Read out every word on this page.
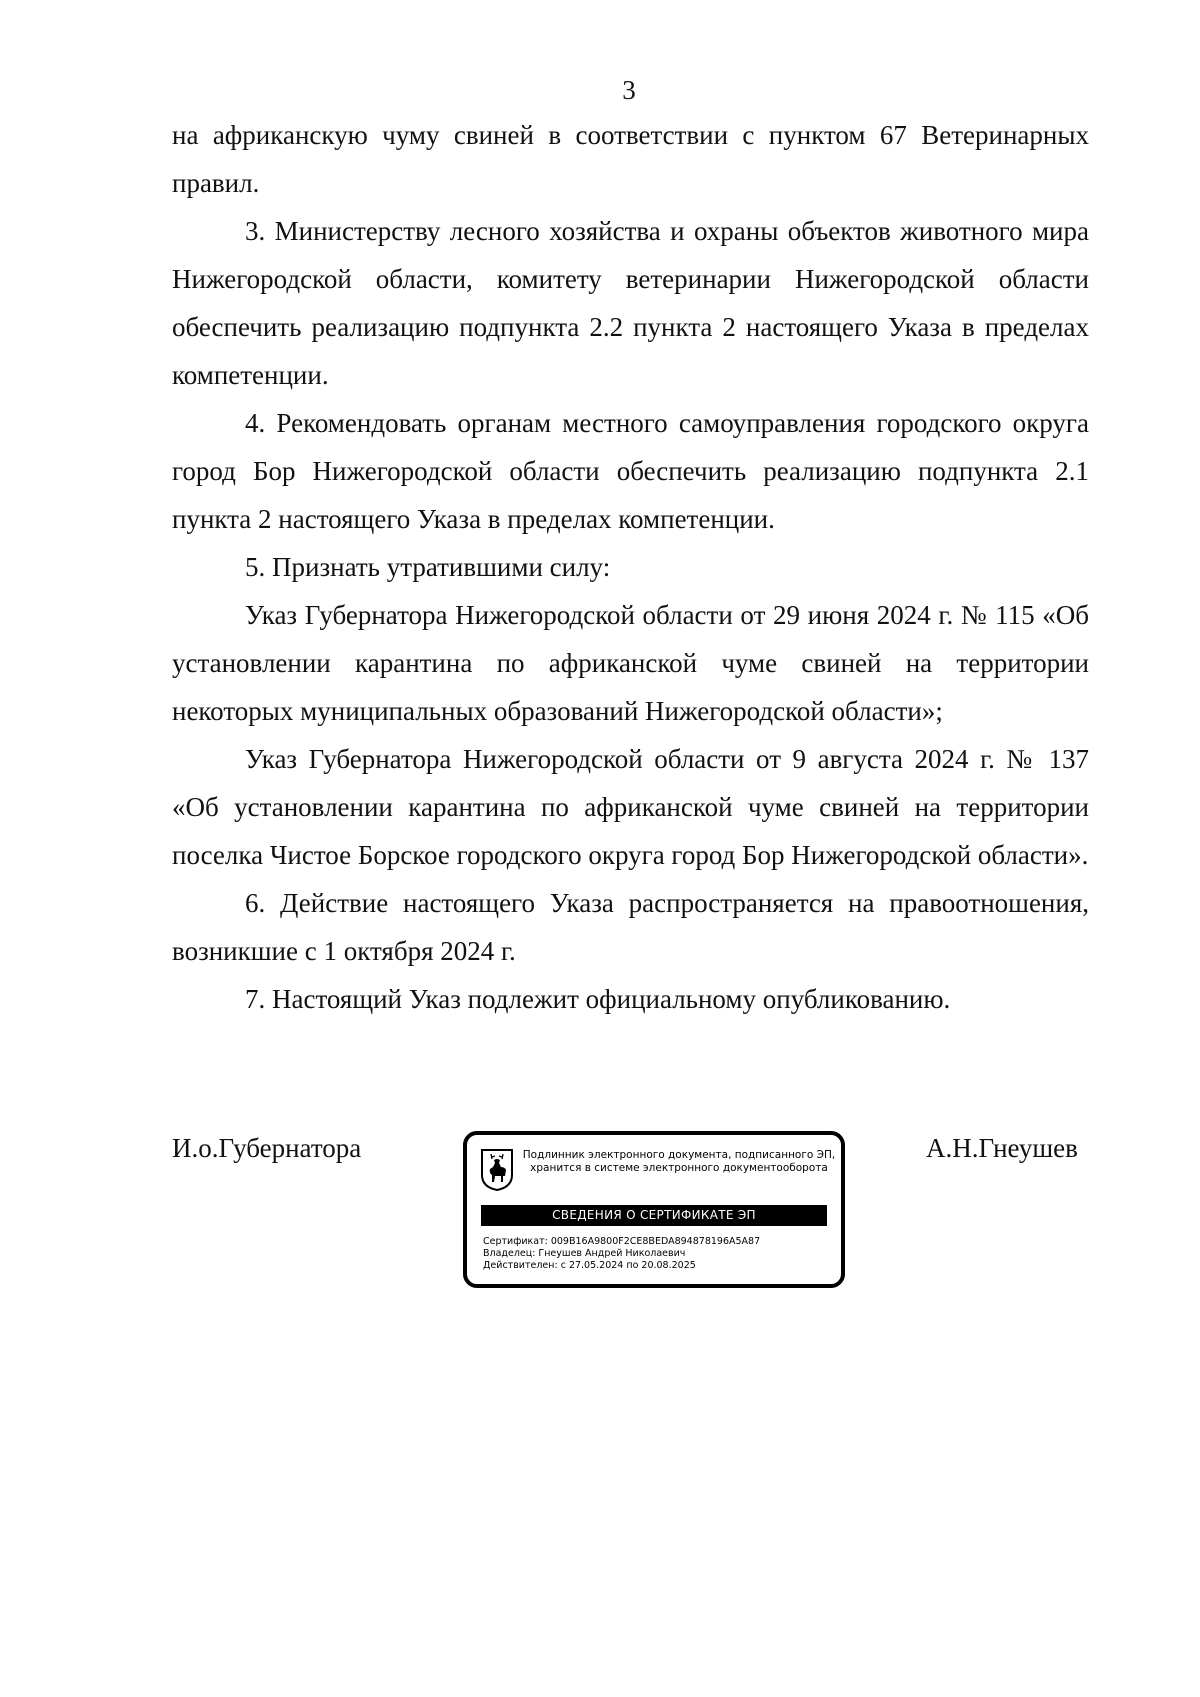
3

на африканскую чуму свиней в соответствии с пунктом 67 Ветеринарных правил.

3. Министерству лесного хозяйства и охраны объектов животного мира Нижегородской области, комитету ветеринарии Нижегородской области обеспечить реализацию подпункта 2.2 пункта 2 настоящего Указа в пределах компетенции.

4. Рекомендовать органам местного самоуправления городского округа город Бор Нижегородской области обеспечить реализацию подпункта 2.1 пункта 2 настоящего Указа в пределах компетенции.

5. Признать утратившими силу:

Указ Губернатора Нижегородской области от 29 июня 2024 г. № 115 «Об установлении карантина по африканской чуме свиней на территории некоторых муниципальных образований Нижегородской области»;

Указ Губернатора Нижегородской области от 9 августа 2024 г. № 137 «Об установлении карантина по африканской чуме свиней на территории поселка Чистое Борское городского округа город Бор Нижегородской области».

6. Действие настоящего Указа распространяется на правоотношения, возникшие с 1 октября 2024 г.

7. Настоящий Указ подлежит официальному опубликованию.

И.о.Губернатора	Подлинник электронного документа, подписанного ЭП,
хранится в системе электронного документооборота
СВЕДЕНИЯ О СЕРТИФИКАТЕ ЭП
Сертификат: 009B16A9800F2CE8BEDA894878196A5A87
Владелец: Гнеушев Андрей Николаевич
Действителен: с 27.05.2024 по 20.08.2025
А.Н.Гнеушев
